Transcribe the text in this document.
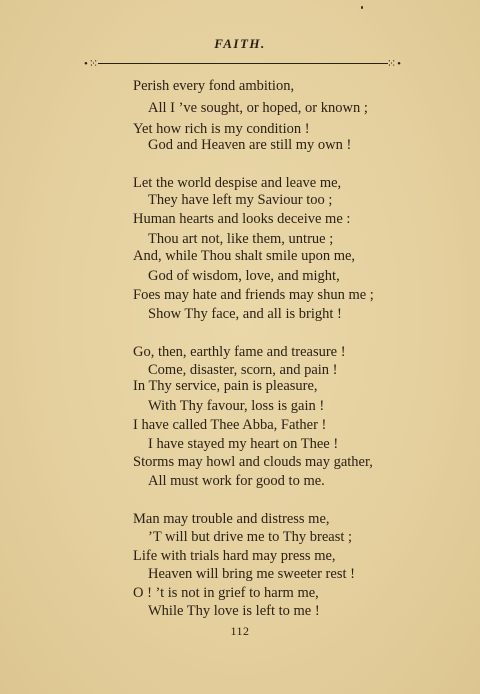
FAITH.
•⁙	⁙•
Perish every fond ambition,
All I ’ve sought, or hoped, or known ;
Yet how rich is my condition !
God and Heaven are still my own !
Let the world despise and leave me,
They have left my Saviour too ;
Human hearts and looks deceive me :
Thou art not, like them, untrue ;
And, while Thou shalt smile upon me,
God of wisdom, love, and might,
Foes may hate and friends may shun me ;
Show Thy face, and all is bright !
Go, then, earthly fame and treasure !
Come, disaster, scorn, and pain !
In Thy service, pain is pleasure,
With Thy favour, loss is gain !
I have called Thee Abba, Father !
I have stayed my heart on Thee !
Storms may howl and clouds may gather,
All must work for good to me.
Man may trouble and distress me,
’T will but drive me to Thy breast ;
Life with trials hard may press me,
Heaven will bring me sweeter rest !
O ! ’t is not in grief to harm me,
While Thy love is left to me !
112
